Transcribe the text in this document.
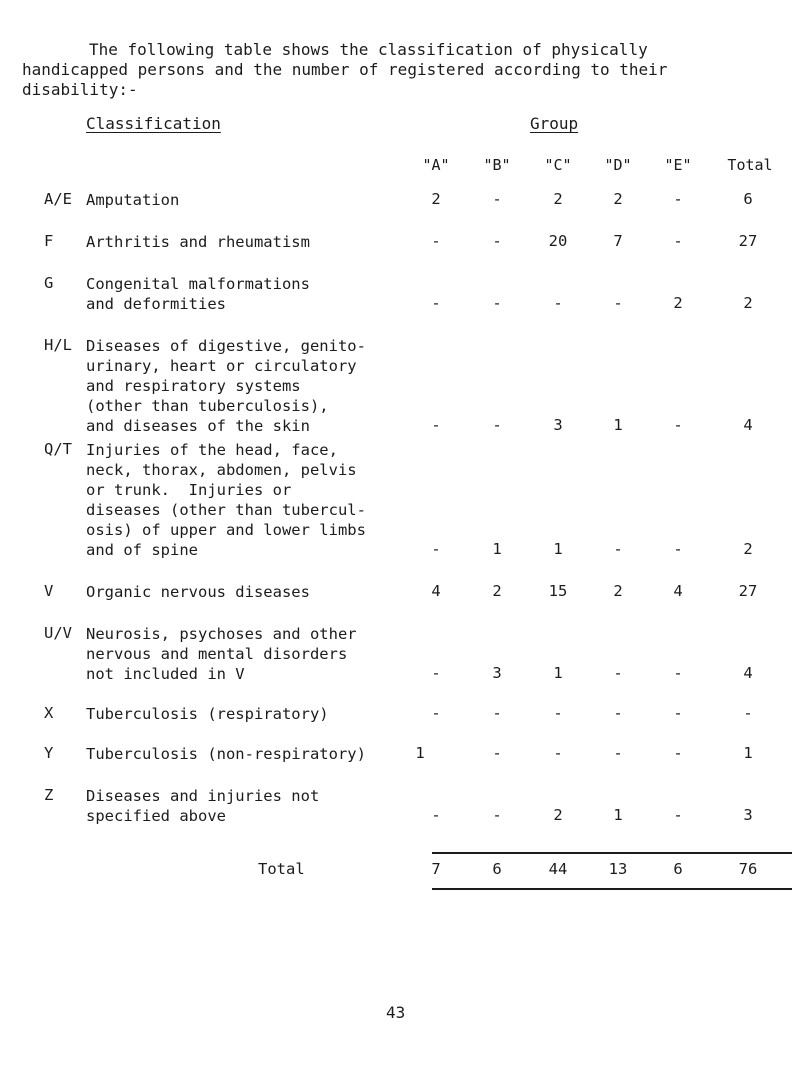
The following table shows the classification of physically
handicapped persons and the number of registered according to their
disability:-
Classification	Group
"A"	"B"	"C"	"D"	"E"	Total
A/E Amputation	2	-	2	2	-	6
F Arthritis and rheumatism	-	-	20	7	-	27
G Congenital malformations
and deformities	-	-	-	-	2	2
H/L Diseases of digestive, genito-
urinary, heart or circulatory
and respiratory systems
(other than tuberculosis),
and diseases of the skin	-	-	3	1	-	4
Q/T Injuries of the head, face,
neck, thorax, abdomen, pelvis
or trunk.  Injuries or
diseases (other than tubercul-
osis) of upper and lower limbs
and of spine	-	1	1	-	-	2
V Organic nervous diseases	4	2	15	2	4	27
U/V Neurosis, psychoses and other
nervous and mental disorders
not included in V	-	3	1	-	-	4
X Tuberculosis (respiratory)	-	-	-	-	-	-
Y Tuberculosis (non-respiratory)	1	-	-	-	-	1
Z Diseases and injuries not
specified above	-	-	2	1	-	3
Total	7	6	44	13	6	76
43
